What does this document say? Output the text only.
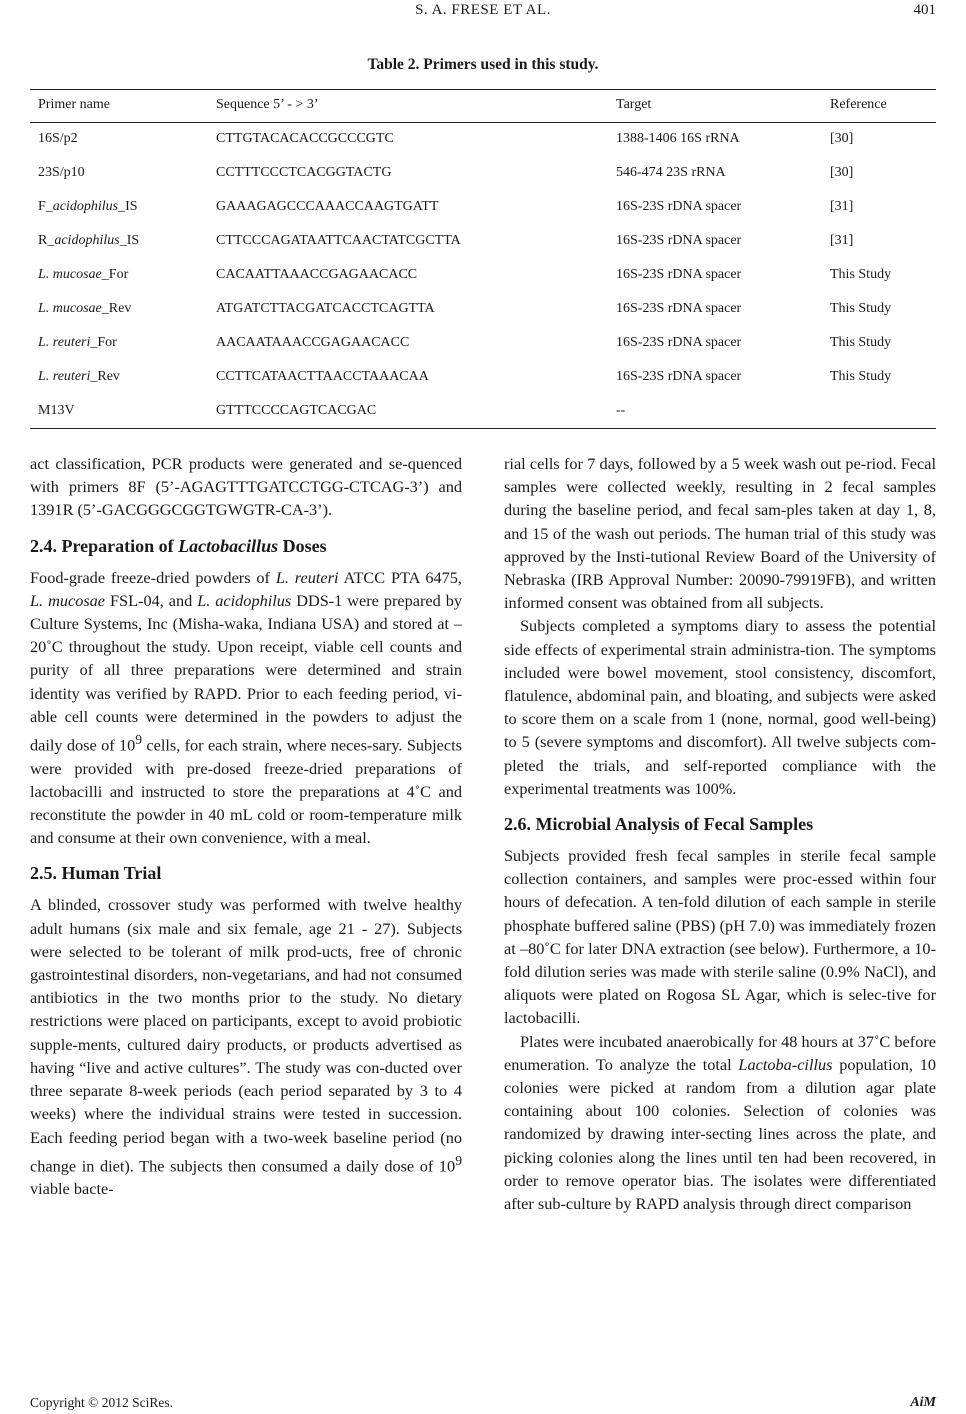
S. A. FRESE ET AL.	401
Table 2. Primers used in this study.
Primer name	Sequence 5’ - > 3’	Target	Reference
16S/p2	CTTGTACACACCGCCCGTC	1388-1406 16S rRNA	[30]
23S/p10	CCTTTCCCTCACGGTACTG	546-474 23S rRNA	[30]
F_acidophilus_IS	GAAAGAGCCCAAACCAAGTGATT	16S-23S rDNA spacer	[31]
R_acidophilus_IS	CTTCCCAGATAATTCAACTATCGCTTA	16S-23S rDNA spacer	[31]
L. mucosae_For	CACAATTAAACCGAGAACACC	16S-23S rDNA spacer	This Study
L. mucosae_Rev	ATGATCTTACGATCACCTCAGTTA	16S-23S rDNA spacer	This Study
L. reuteri_For	AACAATAAACCGAGAACACC	16S-23S rDNA spacer	This Study
L. reuteri_Rev	CCTTCATAACTTAACCTAAACAA	16S-23S rDNA spacer	This Study
M13V	GTTTCCCCAGTCACGAC	--

act classification, PCR products were generated and se-quenced with primers 8F (5’-AGAGTTTGATCCTGG-CTCAG-3’) and 1391R (5’-GACGGGCGGTGWGTR-CA-3’).

2.4. Preparation of Lactobacillus Doses

Food-grade freeze-dried powders of L. reuteri ATCC PTA 6475, L. mucosae FSL-04, and L. acidophilus DDS-1 were prepared by Culture Systems, Inc (Misha-waka, Indiana USA) and stored at –20˚C throughout the study. Upon receipt, viable cell counts and purity of all three preparations were determined and strain identity was verified by RAPD. Prior to each feeding period, vi-able cell counts were determined in the powders to adjust the daily dose of $10^9$ cells, for each strain, where neces-sary. Subjects were provided with pre-dosed freeze-dried preparations of lactobacilli and instructed to store the preparations at 4˚C and reconstitute the powder in 40 mL cold or room-temperature milk and consume at their own convenience, with a meal.

2.5. Human Trial

A blinded, crossover study was performed with twelve healthy adult humans (six male and six female, age 21 - 27). Subjects were selected to be tolerant of milk prod-ucts, free of chronic gastrointestinal disorders, non-vegetarians, and had not consumed antibiotics in the two months prior to the study. No dietary restrictions were placed on participants, except to avoid probiotic supple-ments, cultured dairy products, or products advertised as having “live and active cultures”. The study was con-ducted over three separate 8-week periods (each period separated by 3 to 4 weeks) where the individual strains were tested in succession. Each feeding period began with a two-week baseline period (no change in diet). The subjects then consumed a daily dose of $10^9$ viable bacte-

rial cells for 7 days, followed by a 5 week wash out pe-riod. Fecal samples were collected weekly, resulting in 2 fecal samples during the baseline period, and fecal sam-ples taken at day 1, 8, and 15 of the wash out periods. The human trial of this study was approved by the Insti-tutional Review Board of the University of Nebraska (IRB Approval Number: 20090-79919FB), and written informed consent was obtained from all subjects.

Subjects completed a symptoms diary to assess the potential side effects of experimental strain administra-tion. The symptoms included were bowel movement, stool consistency, discomfort, flatulence, abdominal pain, and bloating, and subjects were asked to score them on a scale from 1 (none, normal, good well-being) to 5 (severe symptoms and discomfort). All twelve subjects com-pleted the trials, and self-reported compliance with the experimental treatments was 100%.

2.6. Microbial Analysis of Fecal Samples

Subjects provided fresh fecal samples in sterile fecal sample collection containers, and samples were proc-essed within four hours of defecation. A ten-fold dilution of each sample in sterile phosphate buffered saline (PBS) (pH 7.0) was immediately frozen at –80˚C for later DNA extraction (see below). Furthermore, a 10-fold dilution series was made with sterile saline (0.9% NaCl), and aliquots were plated on Rogosa SL Agar, which is selec-tive for lactobacilli.

Plates were incubated anaerobically for 48 hours at 37˚C before enumeration. To analyze the total Lactoba-cillus population, 10 colonies were picked at random from a dilution agar plate containing about 100 colonies. Selection of colonies was randomized by drawing inter-secting lines across the plate, and picking colonies along the lines until ten had been recovered, in order to remove operator bias. The isolates were differentiated after sub-culture by RAPD analysis through direct comparison

Copyright © 2012 SciRes.	AiM
